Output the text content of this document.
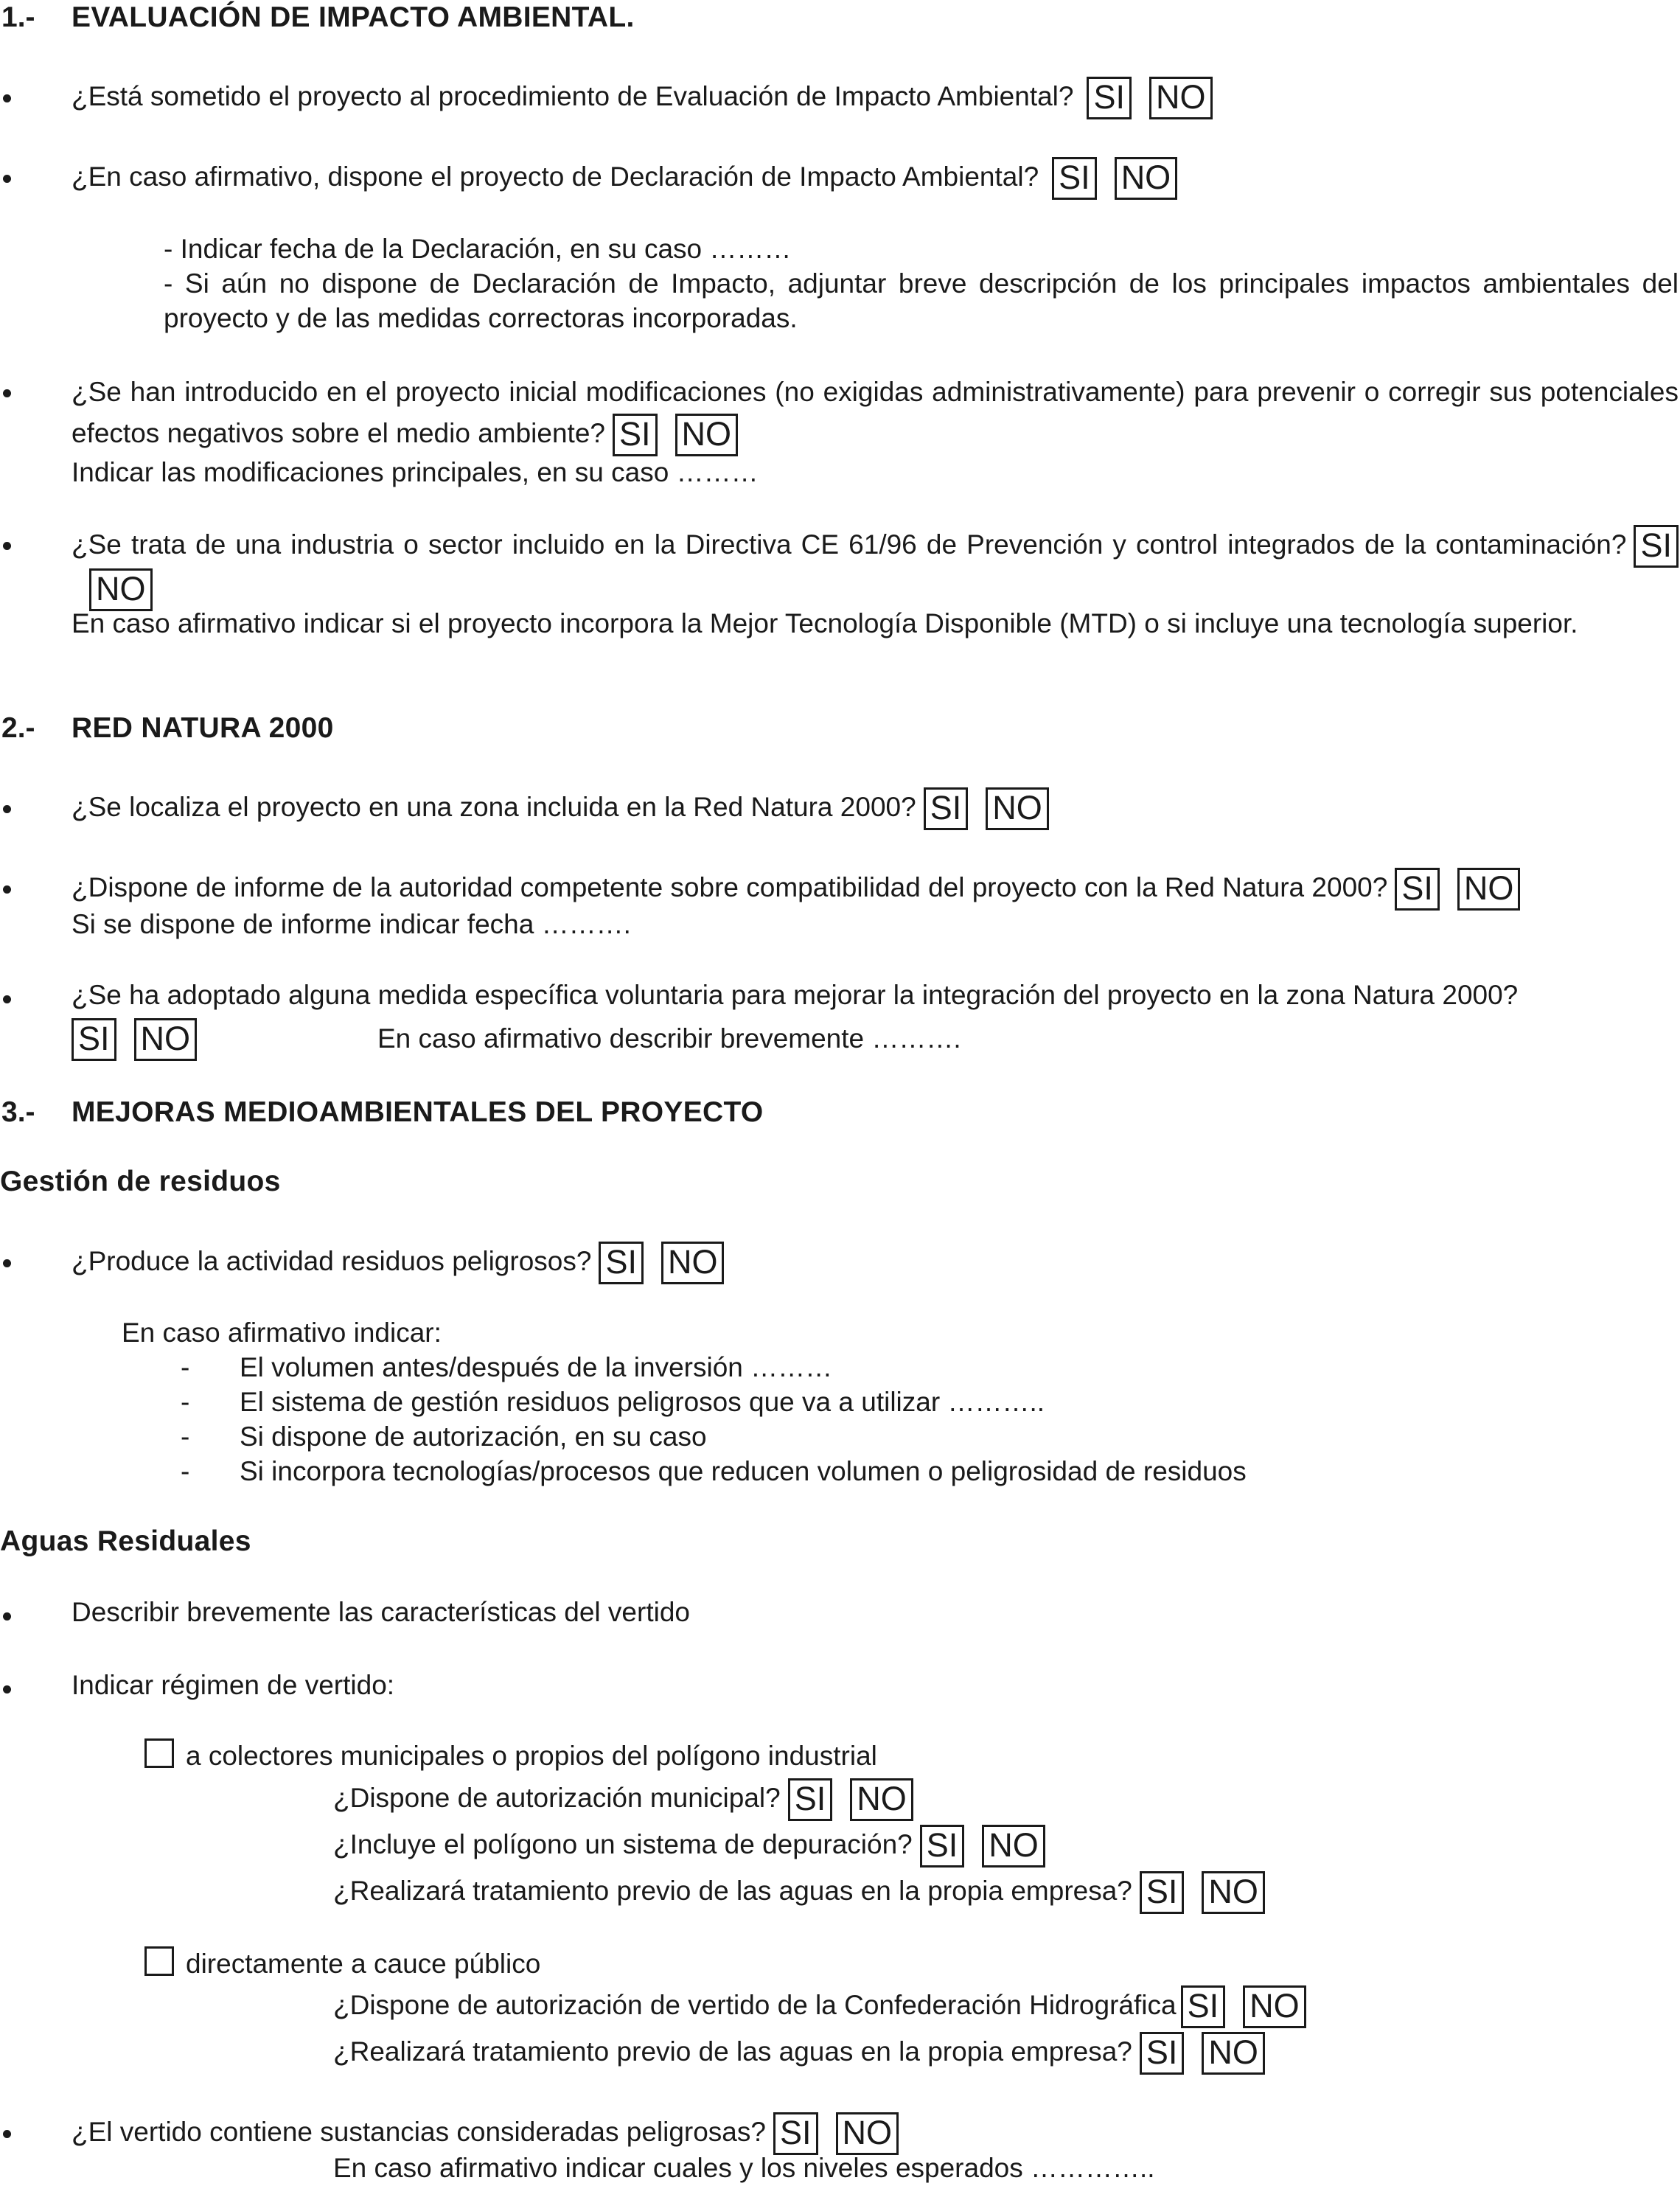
1.- EVALUACIÓN DE IMPACTO AMBIENTAL.
¿Está sometido el proyecto al procedimiento de Evaluación de Impacto Ambiental? SI NO
¿En caso afirmativo, dispone el proyecto de Declaración de Impacto Ambiental? SI NO
- Indicar fecha de la Declaración, en su caso ………
- Si aún no dispone de Declaración de Impacto, adjuntar breve descripción de los principales impactos ambientales del proyecto y de las medidas correctoras incorporadas.
¿Se han introducido en el proyecto inicial modificaciones (no exigidas administrativamente) para prevenir o corregir sus potenciales efectos negativos sobre el medio ambiente? SI NO
Indicar las modificaciones principales, en su caso ………
¿Se trata de una industria o sector incluido en la Directiva CE 61/96 de Prevención y control integrados de la contaminación? SINO
En caso afirmativo indicar si el proyecto incorpora la Mejor Tecnología Disponible (MTD) o si incluye una tecnología superior.
2.- RED NATURA 2000
¿Se localiza el proyecto en una zona incluida en la Red Natura 2000? SI NO
¿Dispone de informe de la autoridad competente sobre compatibilidad del proyecto con la Red Natura 2000? SI NO
Si se dispone de informe indicar fecha ……….
¿Se ha adoptado alguna medida específica voluntaria para mejorar la integración del proyecto en la zona Natura 2000?
SI NO	En caso afirmativo describir brevemente ……….
3.- MEJORAS MEDIOAMBIENTALES DEL PROYECTO
Gestión de residuos
¿Produce la actividad residuos peligrosos? SI NO
En caso afirmativo indicar:
- El volumen antes/después de la inversión ………
- El sistema de gestión residuos peligrosos que va a utilizar ………..
- Si dispone de autorización, en su caso
- Si incorpora tecnologías/procesos que reducen volumen o peligrosidad de residuos
Aguas Residuales
Describir brevemente las características del vertido
Indicar régimen de vertido:
a colectores municipales o propios del polígono industrial
¿Dispone de autorización municipal? SI NO
¿Incluye el polígono un sistema de depuración? SI NO
¿Realizará tratamiento previo de las aguas en la propia empresa? SI NO
directamente a cauce público
¿Dispone de autorización de vertido de la Confederación Hidrográfica SI NO
¿Realizará tratamiento previo de las aguas en la propia empresa? SI NO
¿El vertido contiene sustancias consideradas peligrosas? SI NO
En caso afirmativo indicar cuales y los niveles esperados …………..
